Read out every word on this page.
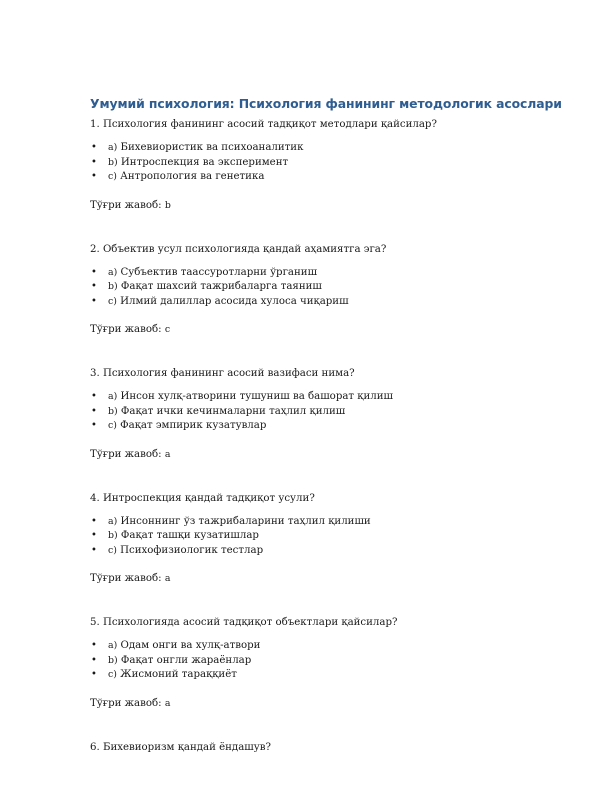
Умумий психология: Психология фанининг методологик асослари

1. Психология фанининг асосий тадқиқот методлари қайсилар?

• a) Бихевиористик ва психоаналитик
• b) Интроспекция ва эксперимент
• c) Антропология ва генетика

Тўғри жавоб: b

2. Объектив усул психологияда қандай аҳамиятга эга?

• a) Субъектив таассуротларни ўрганиш
• b) Фақат шахсий тажрибаларга таяниш
• c) Илмий далиллар асосида хулоса чиқариш

Тўғри жавоб: c

3. Психология фанининг асосий вазифаси нима?

• a) Инсон хулқ-атворини тушуниш ва башорат қилиш
• b) Фақат ички кечинмаларни таҳлил қилиш
• c) Фақат эмпирик кузатувлар

Тўғри жавоб: a

4. Интроспекция қандай тадқиқот усули?

• a) Инсоннинг ўз тажрибаларини таҳлил қилиши
• b) Фақат ташқи кузатишлар
• c) Психофизиологик тестлар

Тўғри жавоб: a

5. Психологияда асосий тадқиқот объектлари қайсилар?

• a) Одам онги ва хулқ-атвори
• b) Фақат онгли жараёнлар
• c) Жисмоний тараққиёт

Тўғри жавоб: a

6. Бихевиоризм қандай ёндашув?
